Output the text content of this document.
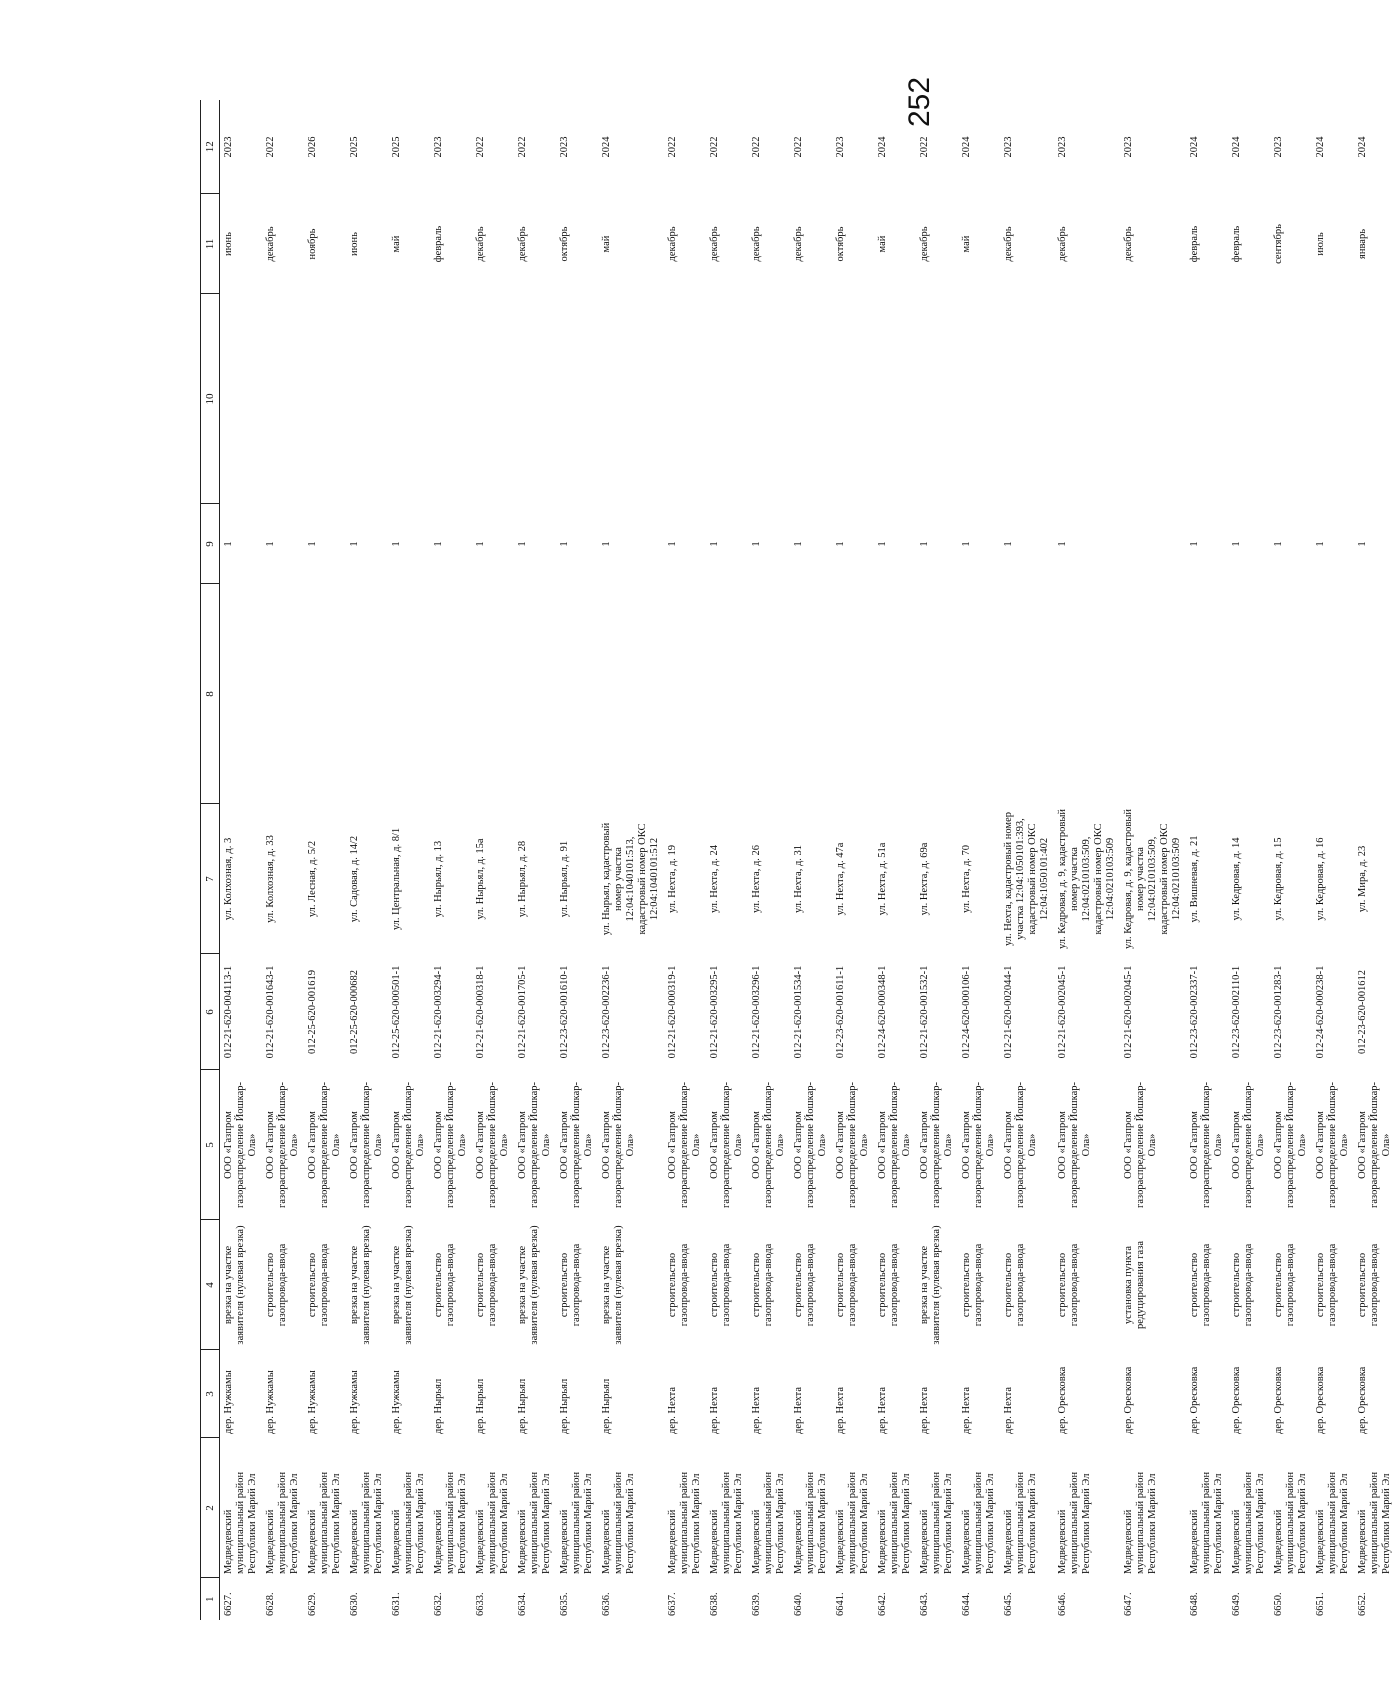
252
1	2	3	4	5	6	7	8	9	10	11	12
6627.	Медведевский муниципальный район Республики Марий Эл	дер. Нужкамы	врезка на участке заявителя (нулевая врезка)	ООО «Газпром газораспределение Йошкар-Ола»	012-21-620-004113-1	ул. Колхозная, д. 3		1		июнь	2023
6628.	Медведевский муниципальный район Республики Марий Эл	дер. Нужкамы	строительство газопровода-ввода	ООО «Газпром газораспределение Йошкар-Ола»	012-21-620-001643-1	ул. Колхозная, д. 33		1		декабрь	2022
6629.	Медведевский муниципальный район Республики Марий Эл	дер. Нужкамы	строительство газопровода-ввода	ООО «Газпром газораспределение Йошкар-Ола»	012-25-620-001619	ул. Лесная, д. 5/2		1		ноябрь	2026
6630.	Медведевский муниципальный район Республики Марий Эл	дер. Нужкамы	врезка на участке заявителя (нулевая врезка)	ООО «Газпром газораспределение Йошкар-Ола»	012-25-620-000682	ул. Садовая, д. 14/2		1		июнь	2025
6631.	Медведевский муниципальный район Республики Марий Эл	дер. Нужкамы	врезка на участке заявителя (нулевая врезка)	ООО «Газпром газораспределение Йошкар-Ола»	012-25-620-000501-1	ул. Центральная, д. 8/1		1		май	2025
6632.	Медведевский муниципальный район Республики Марий Эл	дер. Нырьял	строительство газопровода-ввода	ООО «Газпром газораспределение Йошкар-Ола»	012-21-620-003294-1	ул. Нырьял, д. 13		1		февраль	2023
6633.	Медведевский муниципальный район Республики Марий Эл	дер. Нырьял	строительство газопровода-ввода	ООО «Газпром газораспределение Йошкар-Ола»	012-21-620-000318-1	ул. Нырьял, д. 15а		1		декабрь	2022
6634.	Медведевский муниципальный район Республики Марий Эл	дер. Нырьял	врезка на участке заявителя (нулевая врезка)	ООО «Газпром газораспределение Йошкар-Ола»	012-21-620-001705-1	ул. Нырьял, д. 28		1		декабрь	2022
6635.	Медведевский муниципальный район Республики Марий Эл	дер. Нырьял	строительство газопровода-ввода	ООО «Газпром газораспределение Йошкар-Ола»	012-23-620-001610-1	ул. Нырьял, д. 91		1		октябрь	2023
6636.	Медведевский муниципальный район Республики Марий Эл	дер. Нырьял	врезка на участке заявителя (нулевая врезка)	ООО «Газпром газораспределение Йошкар-Ола»	012-23-620-002236-1	ул. Нырьял, кадастровый номер участка 12:04:1040101:513, кадастровый номер ОКС 12:04:1040101:512		1		май	2024
6637.	Медведевский муниципальный район Республики Марий Эл	дер. Нехта	строительство газопровода-ввода	ООО «Газпром газораспределение Йошкар-Ола»	012-21-620-000319-1	ул. Нехта, д. 19		1		декабрь	2022
6638.	Медведевский муниципальный район Республики Марий Эл	дер. Нехта	строительство газопровода-ввода	ООО «Газпром газораспределение Йошкар-Ола»	012-21-620-003295-1	ул. Нехта, д. 24		1		декабрь	2022
6639.	Медведевский муниципальный район Республики Марий Эл	дер. Нехта	строительство газопровода-ввода	ООО «Газпром газораспределение Йошкар-Ола»	012-21-620-003296-1	ул. Нехта, д. 26		1		декабрь	2022
6640.	Медведевский муниципальный район Республики Марий Эл	дер. Нехта	строительство газопровода-ввода	ООО «Газпром газораспределение Йошкар-Ола»	012-21-620-001534-1	ул. Нехта, д. 31		1		декабрь	2022
6641.	Медведевский муниципальный район Республики Марий Эл	дер. Нехта	строительство газопровода-ввода	ООО «Газпром газораспределение Йошкар-Ола»	012-23-620-001611-1	ул. Нехта, д. 47а		1		октябрь	2023
6642.	Медведевский муниципальный район Республики Марий Эл	дер. Нехта	строительство газопровода-ввода	ООО «Газпром газораспределение Йошкар-Ола»	012-24-620-000348-1	ул. Нехта, д. 51а		1		май	2024
6643.	Медведевский муниципальный район Республики Марий Эл	дер. Нехта	врезка на участке заявителя (нулевая врезка)	ООО «Газпром газораспределение Йошкар-Ола»	012-21-620-001532-1	ул. Нехта, д. 69а		1		декабрь	2022
6644.	Медведевский муниципальный район Республики Марий Эл	дер. Нехта	строительство газопровода-ввода	ООО «Газпром газораспределение Йошкар-Ола»	012-24-620-000106-1	ул. Нехта, д. 70		1		май	2024
6645.	Медведевский муниципальный район Республики Марий Эл	дер. Нехта	строительство газопровода-ввода	ООО «Газпром газораспределение Йошкар-Ола»	012-21-620-002044-1	ул. Нехта, кадастровый номер участка 12:04:1050101:393, кадастровый номер ОКС 12:04:1050101:402		1		декабрь	2023
6646.	Медведевский муниципальный район Республики Марий Эл	дер. Оресковка	строительство газопровода-ввода	ООО «Газпром газораспределение Йошкар-Ола»	012-21-620-002045-1	ул. Кедровая, д. 9, кадастровый номер участка 12:04:0210103:509, кадастровый номер ОКС 12:04:0210103:509		1		декабрь	2023
6647.	Медведевский муниципальный район Республики Марий Эл	дер. Оресковка	установка пункта редуцирования газа	ООО «Газпром газораспределение Йошкар-Ола»	012-21-620-002045-1	ул. Кедровая, д. 9, кадастровый номер участка 12:04:0210103:509, кадастровый номер ОКС 12:04:0210103:509				декабрь	2023
6648.	Медведевский муниципальный район Республики Марий Эл	дер. Оресковка	строительство газопровода-ввода	ООО «Газпром газораспределение Йошкар-Ола»	012-23-620-002337-1	ул. Вишневая, д. 21		1		февраль	2024
6649.	Медведевский муниципальный район Республики Марий Эл	дер. Оресковка	строительство газопровода-ввода	ООО «Газпром газораспределение Йошкар-Ола»	012-23-620-002110-1	ул. Кедровая, д. 14		1		февраль	2024
6650.	Медведевский муниципальный район Республики Марий Эл	дер. Оресковка	строительство газопровода-ввода	ООО «Газпром газораспределение Йошкар-Ола»	012-23-620-001283-1	ул. Кедровая, д. 15		1		сентябрь	2023
6651.	Медведевский муниципальный район Республики Марий Эл	дер. Оресковка	строительство газопровода-ввода	ООО «Газпром газораспределение Йошкар-Ола»	012-24-620-000238-1	ул. Кедровая, д. 16		1		июль	2024
6652.	Медведевский муниципальный район Республики Марий Эл	дер. Оресковка	строительство газопровода-ввода	ООО «Газпром газораспределение Йошкар-Ола»	012-23-620-001612	ул. Мира, д. 23		1		январь	2024
